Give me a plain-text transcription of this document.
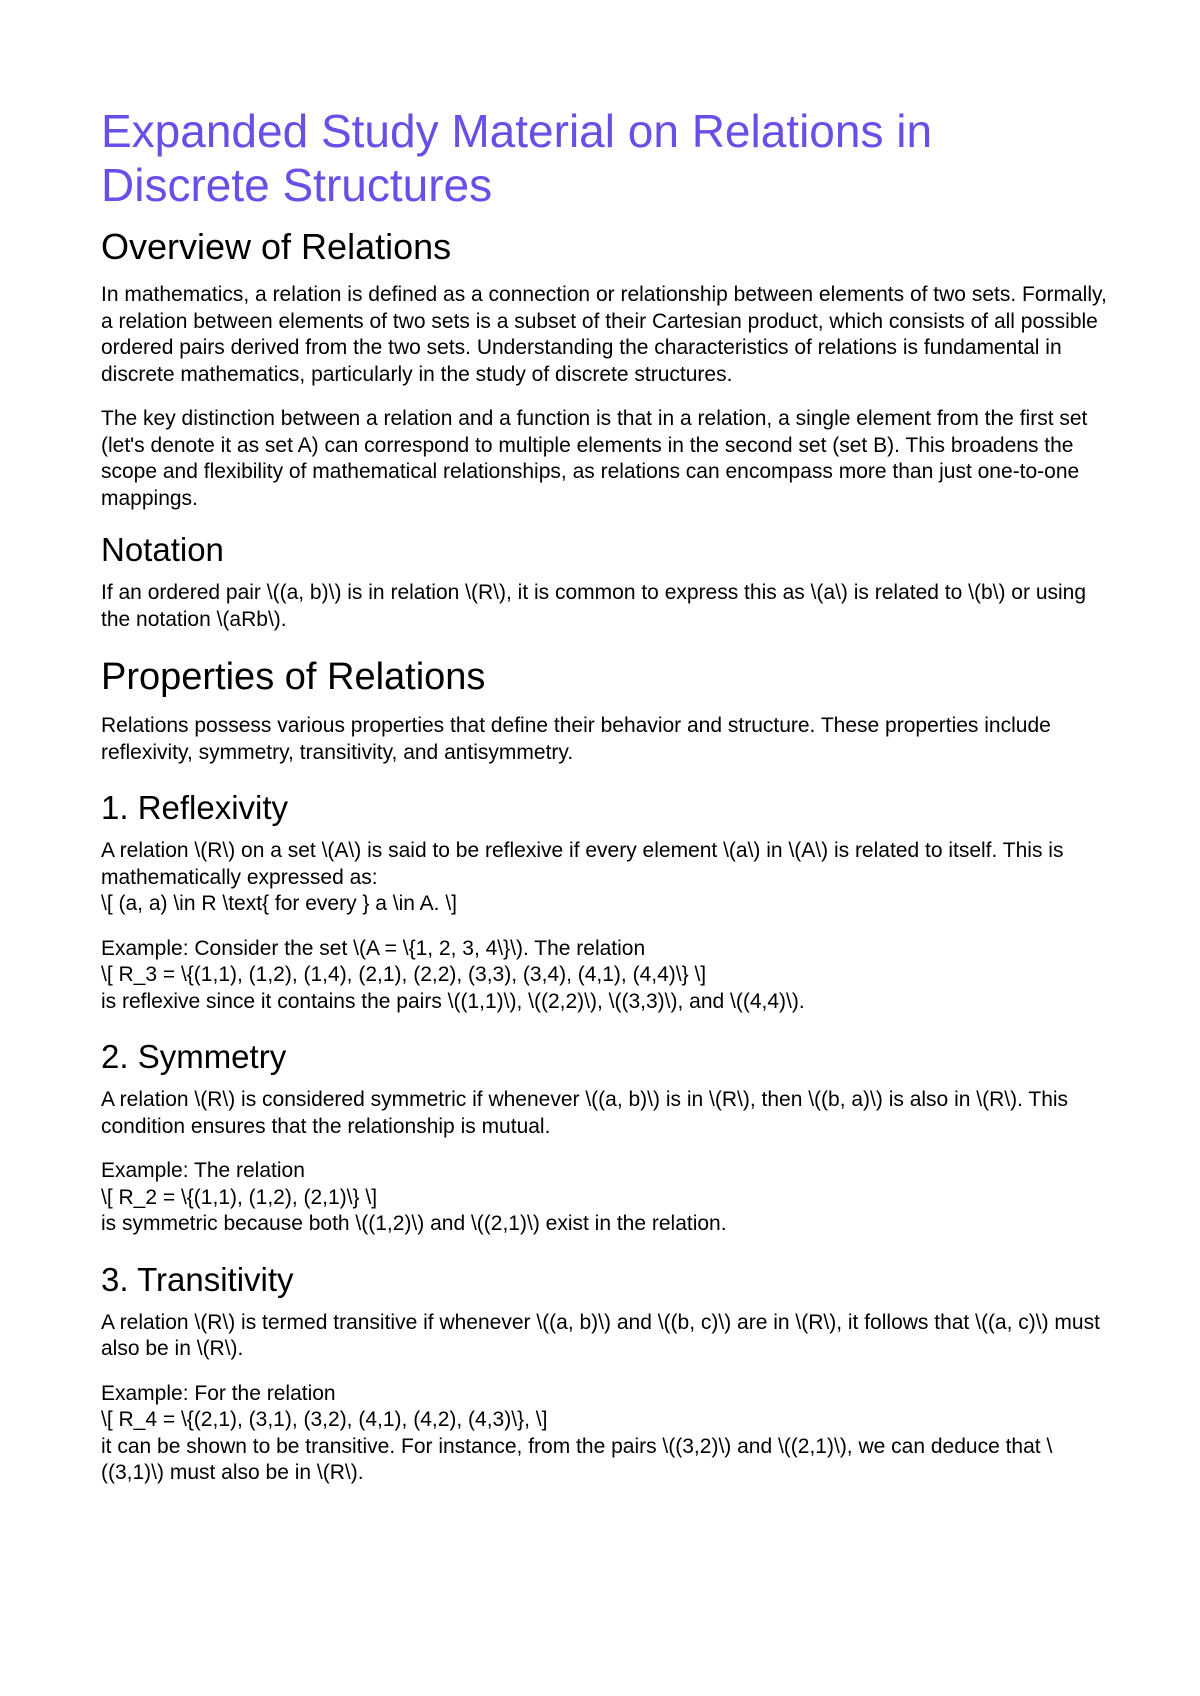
Expanded Study Material on Relations in Discrete Structures
Overview of Relations

In mathematics, a relation is defined as a connection or relationship between elements of two sets. Formally, a relation between elements of two sets is a subset of their Cartesian product, which consists of all possible ordered pairs derived from the two sets. Understanding the characteristics of relations is fundamental in discrete mathematics, particularly in the study of discrete structures.

The key distinction between a relation and a function is that in a relation, a single element from the first set (let's denote it as set A) can correspond to multiple elements in the second set (set B). This broadens the scope and flexibility of mathematical relationships, as relations can encompass more than just one-to-one mappings.

Notation

If an ordered pair \((a, b)\) is in relation \(R\), it is common to express this as \(a\) is related to \(b\) or using the notation \(aRb\).

Properties of Relations

Relations possess various properties that define their behavior and structure. These properties include reflexivity, symmetry, transitivity, and antisymmetry.

1. Reflexivity

A relation \(R\) on a set \(A\) is said to be reflexive if every element \(a\) in \(A\) is related to itself. This is mathematically expressed as:
\[ (a, a) \in R \text{ for every } a \in A. \]

Example: Consider the set \(A = \{1, 2, 3, 4\}\). The relation
\[ R_3 = \{(1,1), (1,2), (1,4), (2,1), (2,2), (3,3), (3,4), (4,1), (4,4)\} \]
is reflexive since it contains the pairs \((1,1)\), \((2,2)\), \((3,3)\), and \((4,4)\).

2. Symmetry

A relation \(R\) is considered symmetric if whenever \((a, b)\) is in \(R\), then \((b, a)\) is also in \(R\). This condition ensures that the relationship is mutual.

Example: The relation
\[ R_2 = \{(1,1), (1,2), (2,1)\} \]
is symmetric because both \((1,2)\) and \((2,1)\) exist in the relation.

3. Transitivity

A relation \(R\) is termed transitive if whenever \((a, b)\) and \((b, c)\) are in \(R\), it follows that \((a, c)\) must also be in \(R\).

Example: For the relation
\[ R_4 = \{(2,1), (3,1), (3,2), (4,1), (4,2), (4,3)\}, \]
it can be shown to be transitive. For instance, from the pairs \((3,2)\) and \((2,1)\), we can deduce that \((3,1)\) must also be in \(R\).
